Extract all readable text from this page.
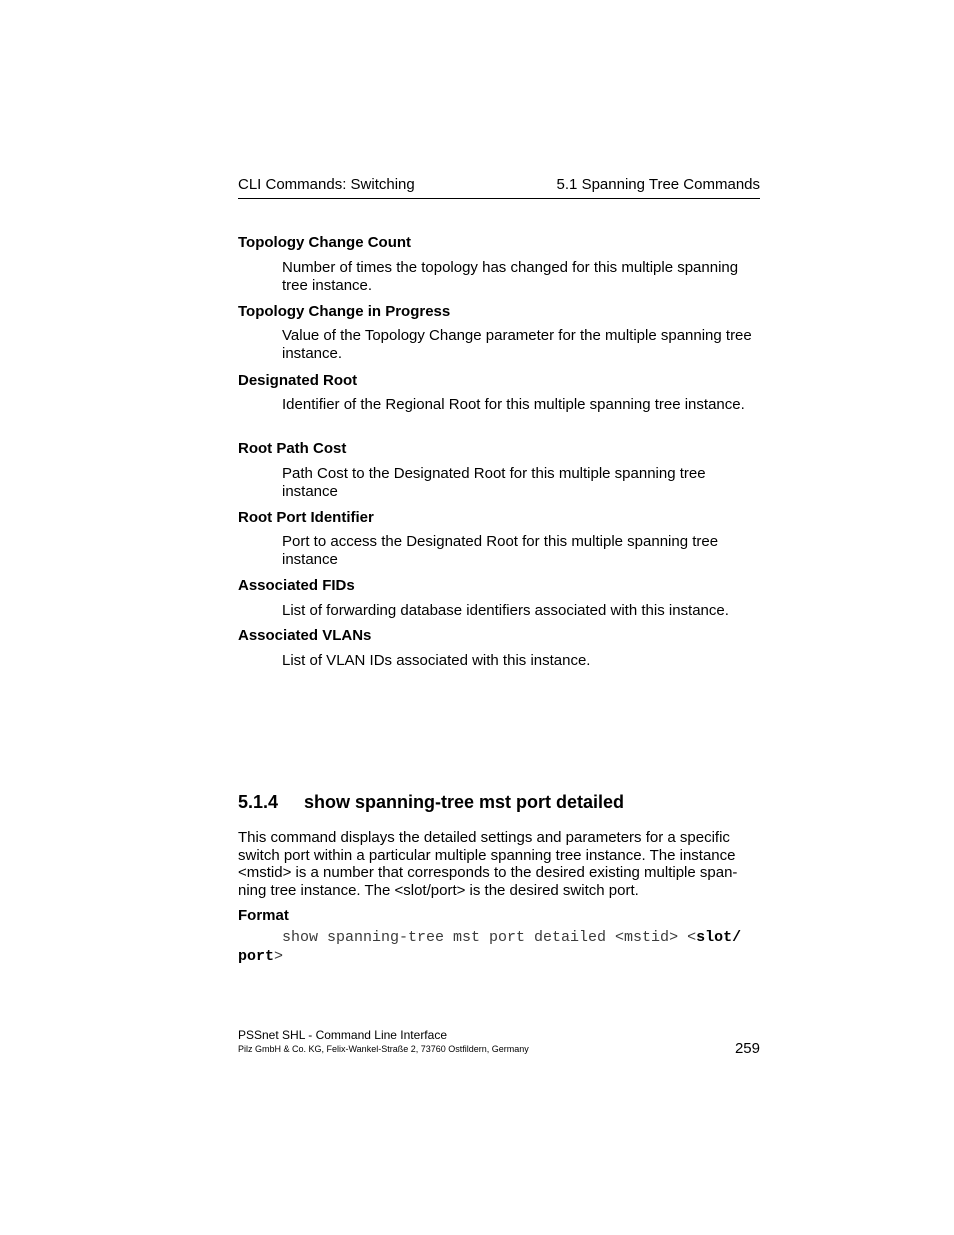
CLI Commands: Switching	5.1 Spanning Tree Commands
Topology Change Count
Number of times the topology has changed for this multiple spanning tree instance.
Topology Change in Progress
Value of the Topology Change parameter for the multiple spanning tree instance.
Designated Root
Identifier of the Regional Root for this multiple spanning tree instance.
Root Path Cost
Path Cost to the Designated Root for this multiple spanning tree instance
Root Port Identifier
Port to access the Designated Root for this multiple spanning tree instance
Associated FIDs
List of forwarding database identifiers associated with this instance.
Associated VLANs
List of VLAN IDs associated with this instance.
5.1.4 show spanning-tree mst port detailed
This command displays the detailed settings and parameters for a specific
switch port within a particular multiple spanning tree instance. The instance
<mstid> is a number that corresponds to the desired existing multiple span-
ning tree instance. The <slot/port> is the desired switch port.
Format
show spanning-tree mst port detailed <mstid> <slot/
port>
PSSnet SHL - Command Line Interface
Pilz GmbH & Co. KG, Felix-Wankel-Straße 2, 73760 Ostfildern, Germany	259
